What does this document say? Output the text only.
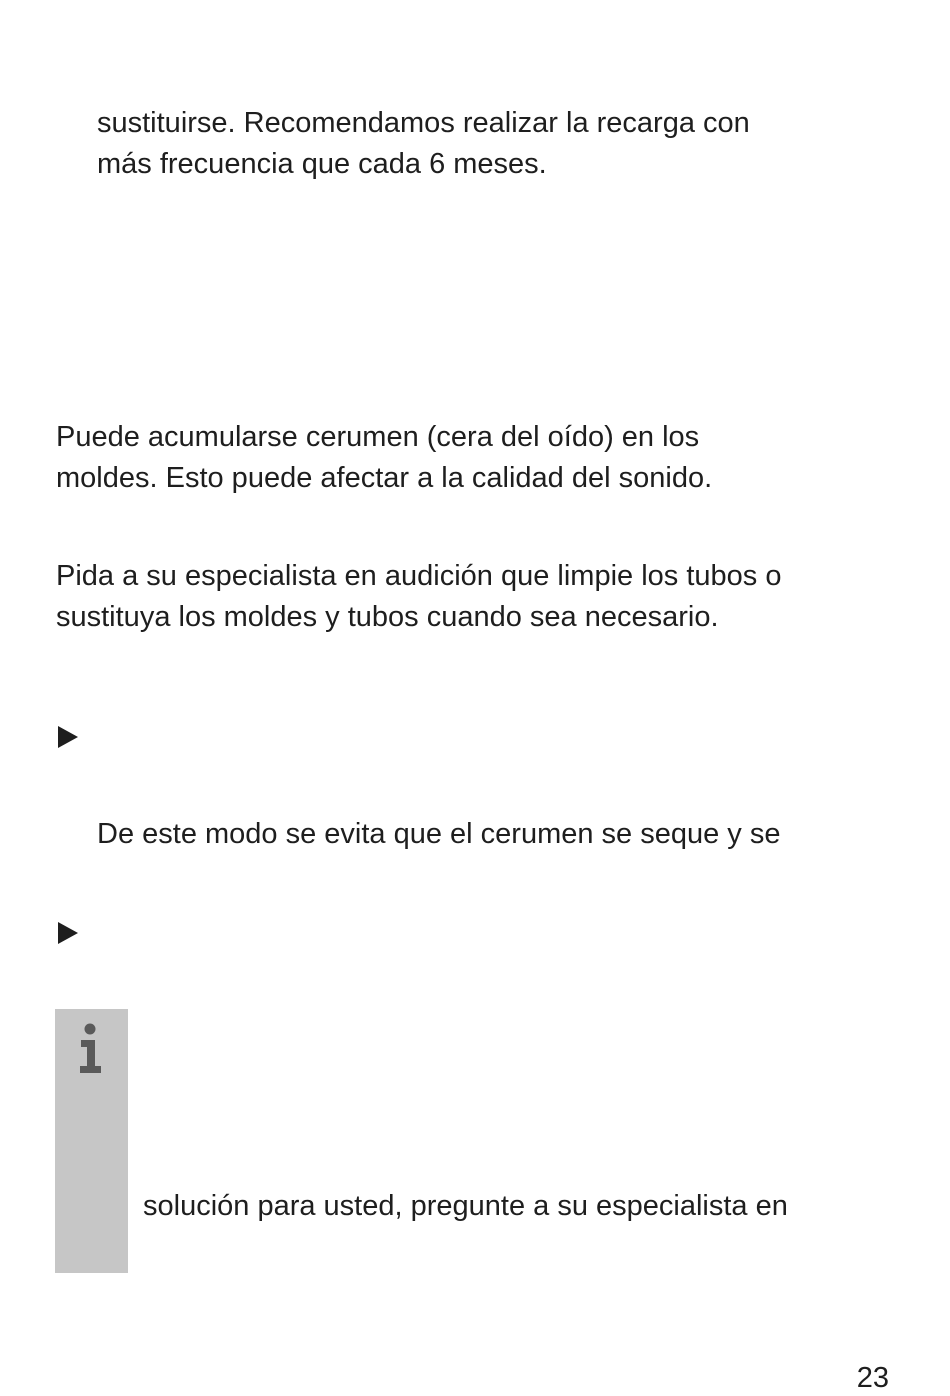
sustituirse. Recomendamos realizar la recarga con

más frecuencia que cada 6 meses.

Puede acumularse cerumen (cera del oído) en los

moldes. Esto puede afectar a la calidad del sonido.

Pida a su especialista en audición que limpie los tubos o

sustituya los moldes y tubos cuando sea necesario.

De este modo se evita que el cerumen se seque y se

solución para usted, pregunte a su especialista en

23
